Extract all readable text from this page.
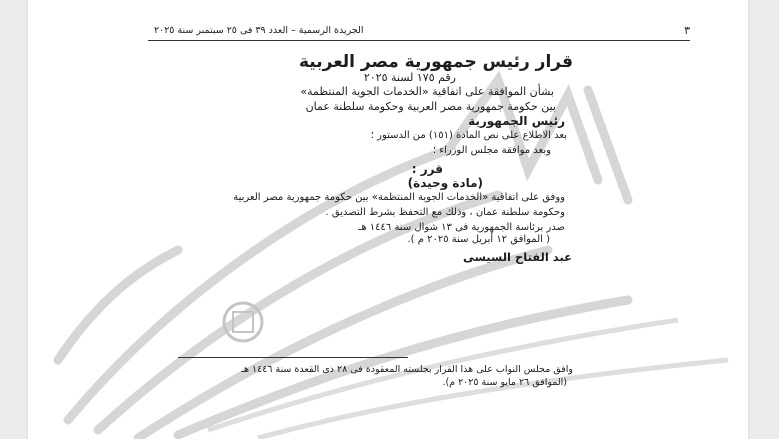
٣
الجريدة الرسمية – العدد ٣٩ فى ٢٥ سبتمبر سنة ٢٠٢٥
قرار رئيس جمهورية مصر العربية
رقم ١٧٥ لسنة ٢٠٢٥
بشأن الموافقة على اتفاقية «الخدمات الجوية المنتظمة»
بين حكومة جمهورية مصر العربية وحكومة سلطنة عمان
رئيس الجمهورية
بعد الاطلاع على نص المادة (١٥١) من الدستور ؛
وبعد موافقة مجلس الوزراء ؛
قرر :
(مادة وحيدة)
ووفق على اتفاقية «الخدمات الجوية المنتظمة» بين حكومة جمهورية مصر العربية
وحكومة سلطنة عمان ، وذلك مع التحفظ بشرط التصديق .
صدر برئاسة الجمهورية فى ١٣ شوال سنة ١٤٤٦ هـ
( الموافق ١٢ أبريل سنة ٢٠٢٥ م ).
عبد الفتاح السيسى
وافق مجلس النواب على هذا القرار بجلسته المعقودة فى ٢٨ ذى القعدة سنة ١٤٤٦ هـ
(الموافق ٢٦ مايو سنة ٢٠٢٥ م).
